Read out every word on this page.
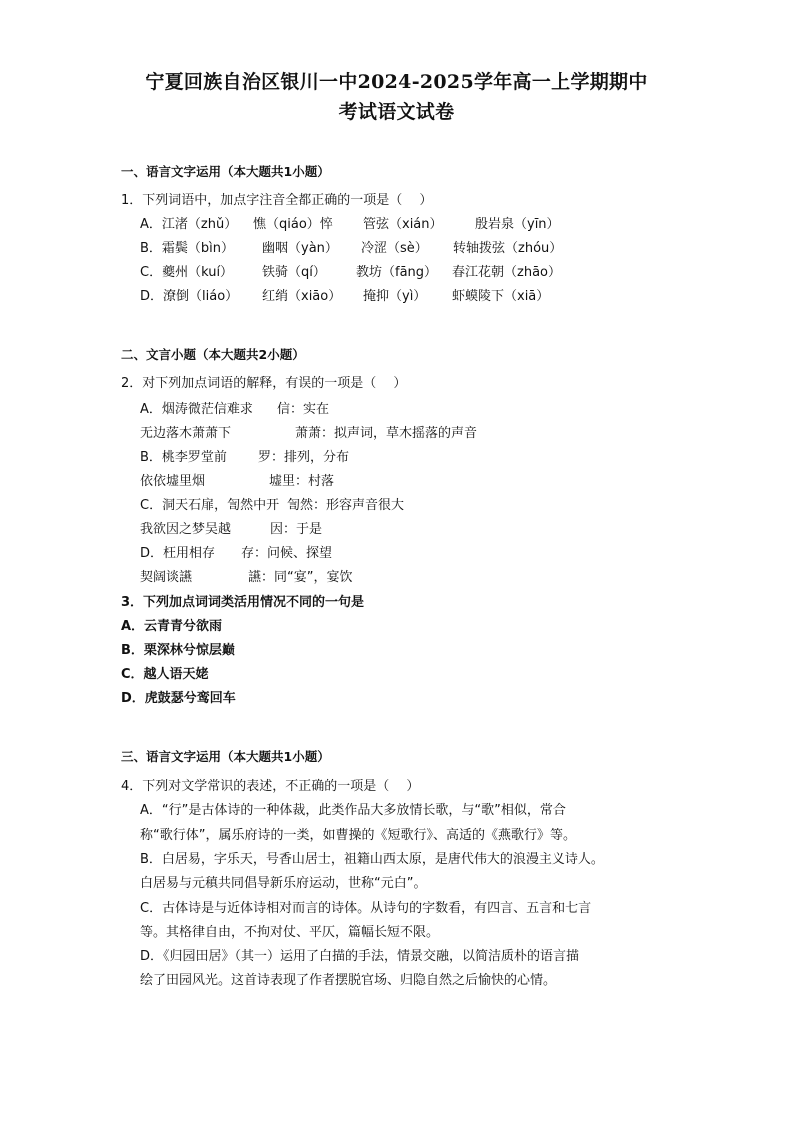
宁夏回族自治区银川一中2024-2025学年高一上学期期中
考试语文试卷
一、语言文字运用（本大题共1小题）
1．下列词语中，加点字注音全都正确的一项是（　 ）
A．江渚（zhǔ） 憔（qiáo）悴 管弦（xián） 殷岩泉（yīn）
B．霜鬓（bìn） 幽咽（yàn） 冷涩（sè） 转轴拨弦（zhóu）
C．夔州（kuí） 铁骑（qí） 教坊（fāng） 春江花朝（zhāo）
D．潦倒（liáo） 红绡（xiāo） 掩抑（yì） 虾蟆陵下（xiā）
二、文言小题（本大题共2小题）
2．对下列加点词语的解释，有误的一项是（　 ）
A．烟涛微茫信难求 信：实在
无边落木萧萧下	萧萧：拟声词，草木摇落的声音
B．桃李罗堂前 罗：排列，分布
依依墟里烟	墟里：村落
C．洞天石扉，訇然中开 訇然：形容声音很大
我欲因之梦吴越	因：于是
D．枉用相存 存：问候、探望
契阔谈讌	讌：同“宴”，宴饮
3．下列加点词词类活用情况不同的一句是
A．云青青兮欲雨
B．栗深林兮惊层巅
C．越人语天姥
D．虎鼓瑟兮鸾回车
三、语言文字运用（本大题共1小题）
4．下列对文学常识的表述，不正确的一项是（　 ）
A．“行”是古体诗的一种体裁，此类作品大多放情长歌，与“歌”相似，常合
称“歌行体”，属乐府诗的一类，如曹操的《短歌行》、高适的《燕歌行》等。
B．白居易，字乐天，号香山居士，祖籍山西太原，是唐代伟大的浪漫主义诗人。
白居易与元稹共同倡导新乐府运动，世称“元白”。
C．古体诗是与近体诗相对而言的诗体。从诗句的字数看，有四言、五言和七言
等。其格律自由，不拘对仗、平仄，篇幅长短不限。
D．《归园田居》（其一）运用了白描的手法，情景交融，以简洁质朴的语言描
绘了田园风光。这首诗表现了作者摆脱官场、归隐自然之后愉快的心情。
